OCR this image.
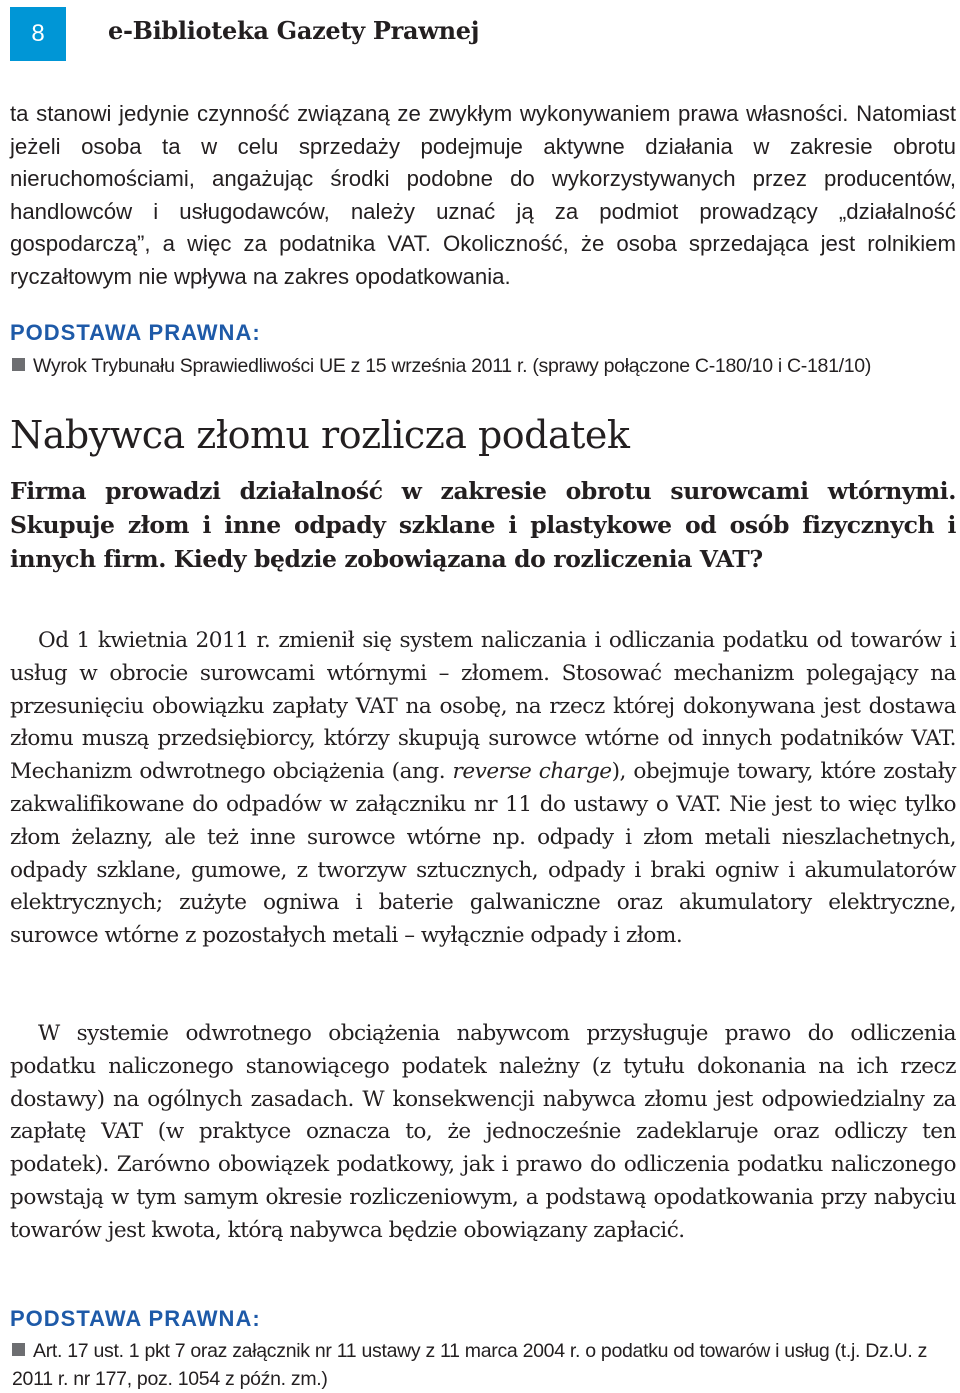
8	e-Biblioteka Gazety Prawnej

ta stanowi jedynie czynność związaną ze zwykłym wykonywaniem prawa własności. Natomiast jeżeli osoba ta w celu sprzedaży podejmuje aktywne działania w zakresie obrotu nieruchomościami, angażując środki podobne do wykorzystywanych przez producentów, handlowców i usługodawców, należy uznać ją za podmiot prowadzący „działalność gospodarczą”, a więc za podatnika VAT. Okoliczność, że osoba sprzedająca jest rolnikiem ryczałtowym nie wpływa na zakres opodatkowania.

PODSTAWA PRAWNA:
Wyrok Trybunału Sprawiedliwości UE z 15 września 2011 r. (sprawy połączone C-180/10 i C-181/10)
Nabywca złomu rozlicza podatek

Firma prowadzi działalność w zakresie obrotu surowcami wtórnymi. Skupuje złom i inne odpady szklane i plastykowe od osób fizycznych i innych firm. Kiedy będzie zobowiązana do rozliczenia VAT?

Od 1 kwietnia 2011 r. zmienił się system naliczania i odliczania podatku od towarów i usług w obrocie surowcami wtórnymi – złomem. Stosować mechanizm polegający na przesunięciu obowiązku zapłaty VAT na osobę, na rzecz której dokonywana jest dostawa złomu muszą przedsiębiorcy, którzy skupują surowce wtórne od innych podatników VAT. Mechanizm odwrotnego obciążenia (ang. reverse charge), obejmuje towary, które zostały zakwalifikowane do odpadów w załączniku nr 11 do ustawy o VAT. Nie jest to więc tylko złom żelazny, ale też inne surowce wtórne np. odpady i złom metali nieszlachetnych, odpady szklane, gumowe, z tworzyw sztucznych, odpady i braki ogniw i akumulatorów elektrycznych; zużyte ogniwa i baterie galwaniczne oraz akumulatory elektryczne, surowce wtórne z pozostałych metali – wyłącznie odpady i złom.

W systemie odwrotnego obciążenia nabywcom przysługuje prawo do odliczenia podatku naliczonego stanowiącego podatek należny (z tytułu dokonania na ich rzecz dostawy) na ogólnych zasadach. W konsekwencji nabywca złomu jest odpowiedzialny za zapłatę VAT (w praktyce oznacza to, że jednocześnie zadeklaruje oraz odliczy ten podatek). Zarówno obowiązek podatkowy, jak i prawo do odliczenia podatku naliczonego powstają w tym samym okresie rozliczeniowym, a podstawą opodatkowania przy nabyciu towarów jest kwota, którą nabywca będzie obowiązany zapłacić.

PODSTAWA PRAWNA:
Art. 17 ust. 1 pkt 7 oraz załącznik nr 11 ustawy z 11 marca 2004 r. o podatku od towarów i usług (t.j. Dz.U. z 2011 r. nr 177, poz. 1054 z późn. zm.)
